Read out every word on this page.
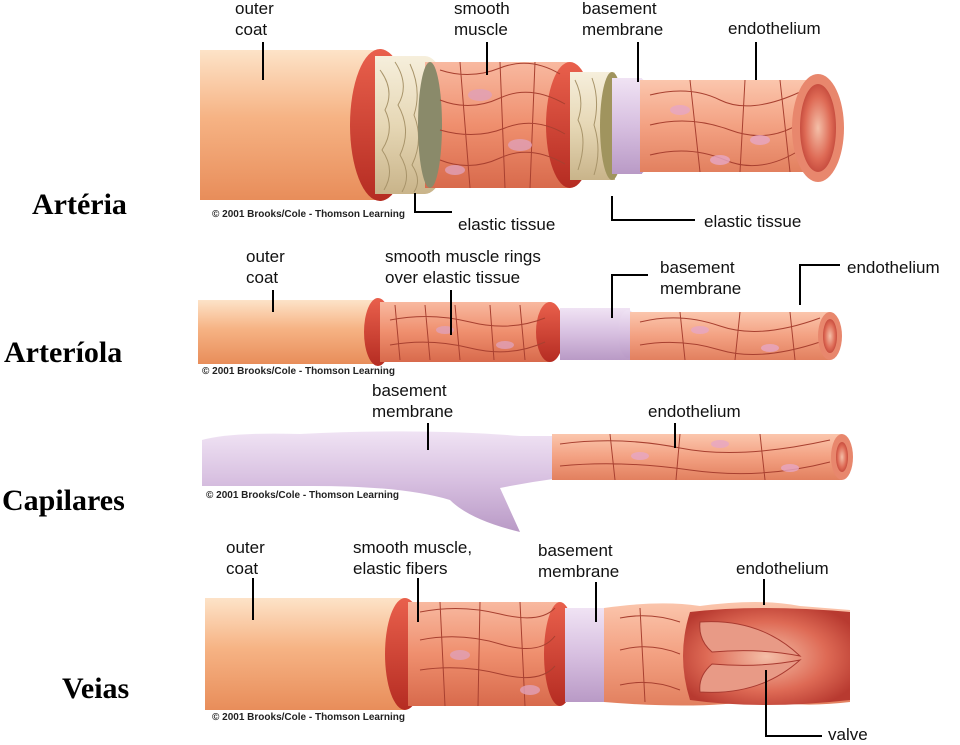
Artéria
Arteríola
Capilares
Veias
outer
coat
smooth
muscle
basement
membrane	endothelium
elastic tissue	elastic tissue
© 2001 Brooks/Cole - Thomson Learning
outer
coat
smooth muscle rings
over elastic tissue
basement
membrane
endothelium
© 2001 Brooks/Cole - Thomson Learning
basement
membrane	endothelium
© 2001 Brooks/Cole - Thomson Learning
outer
coat
smooth muscle,
elastic fibers
basement
membrane	endothelium
valve
© 2001 Brooks/Cole - Thomson Learning
